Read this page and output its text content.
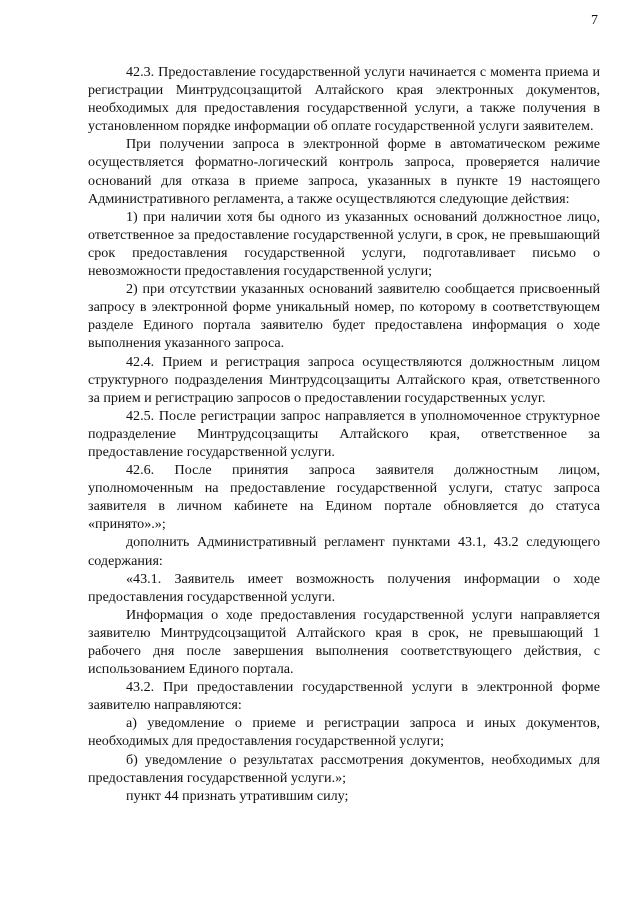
7

42.3. Предоставление государственной услуги начинается с момента приема и регистрации Минтрудсоцзащитой Алтайского края электронных документов, необходимых для предоставления государственной услуги, а также получения в установленном порядке информации об оплате государственной услуги заявителем.

При получении запроса в электронной форме в автоматическом режиме осуществляется форматно-логический контроль запроса, проверяется наличие оснований для отказа в приеме запроса, указанных в пункте 19 настоящего Административного регламента, а также осуществляются следующие действия:

1) при наличии хотя бы одного из указанных оснований должностное лицо, ответственное за предоставление государственной услуги, в срок, не превышающий срок предоставления государственной услуги, подготавливает письмо о невозможности предоставления государственной услуги;

2) при отсутствии указанных оснований заявителю сообщается присвоенный запросу в электронной форме уникальный номер, по которому в соответствующем разделе Единого портала заявителю будет предоставлена информация о ходе выполнения указанного запроса.

42.4. Прием и регистрация запроса осуществляются должностным лицом структурного подразделения Минтрудсоцзащиты Алтайского края, ответственного за прием и регистрацию запросов о предоставлении государственных услуг.

42.5. После регистрации запрос направляется в уполномоченное структурное подразделение Минтрудсоцзащиты Алтайского края, ответственное за предоставление государственной услуги.

42.6. После принятия запроса заявителя должностным лицом, уполномоченным на предоставление государственной услуги, статус запроса заявителя в личном кабинете на Едином портале обновляется до статуса «принято».»;

дополнить Административный регламент пунктами 43.1, 43.2 следующего содержания:

«43.1. Заявитель имеет возможность получения информации о ходе предоставления государственной услуги.

Информация о ходе предоставления государственной услуги направляется заявителю Минтрудсоцзащитой Алтайского края в срок, не превышающий 1 рабочего дня после завершения выполнения соответствующего действия, с использованием Единого портала.

43.2. При предоставлении государственной услуги в электронной форме заявителю направляются:

а) уведомление о приеме и регистрации запроса и иных документов, необходимых для предоставления государственной услуги;

б) уведомление о результатах рассмотрения документов, необходимых для предоставления государственной услуги.»;

пункт 44 признать утратившим силу;
